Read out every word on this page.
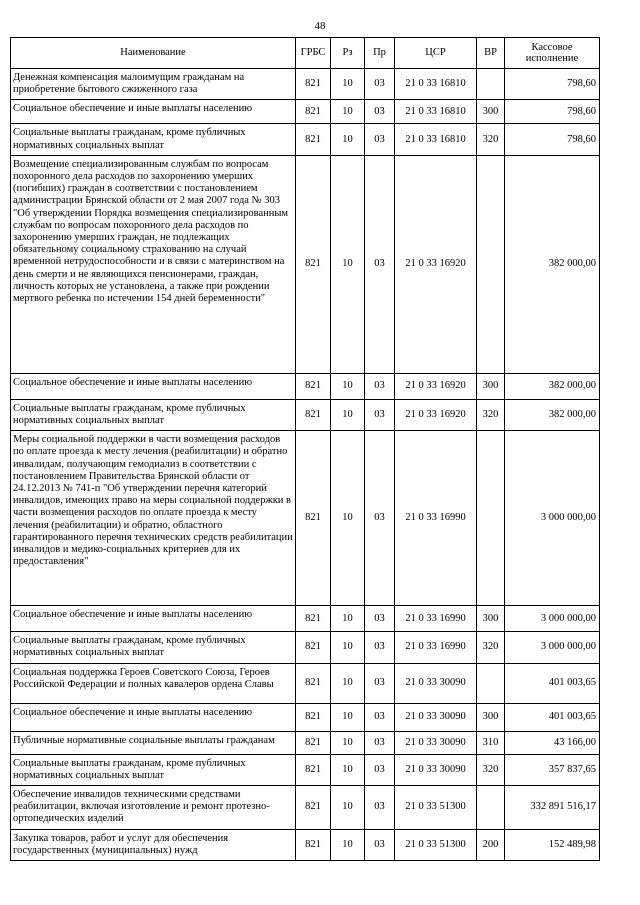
48
Наименование	ГРБС	Рз	Пр	ЦСР	ВР	Кассовое исполнение
Денежная компенсация малоимущим гражданам на приобретение бытового сжиженного газа	821	10	03	21 0 33 16810		798,60
Социальное обеспечение и иные выплаты населению	821	10	03	21 0 33 16810	300	798,60
Социальные выплаты гражданам, кроме публичных нормативных социальных выплат	821	10	03	21 0 33 16810	320	798,60
Возмещение специализированным службам по вопросам похоронного дела расходов по захоронению умерших (погибших) граждан в соответствии с постановлением администрации Брянской области от 2 мая 2007 года № 303 "Об утверждении Порядка возмещения специализированным службам по вопросам похоронного дела расходов по захоронению умерших граждан, не подлежащих обязательному социальному страхованию на случай временной нетрудоспособности и в связи с материнством на день смерти и не являющихся пенсионерами, граждан, личность которых не установлена, а также при рождении мертвого ребенка по истечении 154 дней беременности"	821	10	03	21 0 33 16920		382 000,00
Социальное обеспечение и иные выплаты населению	821	10	03	21 0 33 16920	300	382 000,00
Социальные выплаты гражданам, кроме публичных нормативных социальных выплат	821	10	03	21 0 33 16920	320	382 000,00
Меры социальной поддержки в части возмещения расходов по оплате проезда к месту лечения (реабилитации) и обратно инвалидам, получающим гемодиализ в соответствии с постановлением Правительства Брянской области от 24.12.2013 № 741-п "Об утверждении перечня категорий инвалидов, имеющих право на меры социальной поддержки в части возмещения расходов по оплате проезда к месту лечения (реабилитации) и обратно, областного гарантированного перечня технических средств реабилитации инвалидов и медико-социальных критериев для их предоставления"	821	10	03	21 0 33 16990		3 000 000,00
Социальное обеспечение и иные выплаты населению	821	10	03	21 0 33 16990	300	3 000 000,00
Социальные выплаты гражданам, кроме публичных нормативных социальных выплат	821	10	03	21 0 33 16990	320	3 000 000,00
Социальная поддержка Героев Советского Союза, Героев Российской Федерации и полных кавалеров ордена Славы	821	10	03	21 0 33 30090		401 003,65
Социальное обеспечение и иные выплаты населению	821	10	03	21 0 33 30090	300	401 003,65
Публичные нормативные социальные выплаты гражданам	821	10	03	21 0 33 30090	310	43 166,00
Социальные выплаты гражданам, кроме публичных нормативных социальных выплат	821	10	03	21 0 33 30090	320	357 837,65
Обеспечение инвалидов техническими средствами реабилитации, включая изготовление и ремонт протезно-ортопедических изделий	821	10	03	21 0 33 51300		332 891 516,17
Закупка товаров, работ и услуг для обеспечения государственных (муниципальных) нужд	821	10	03	21 0 33 51300	200	152 489,98
